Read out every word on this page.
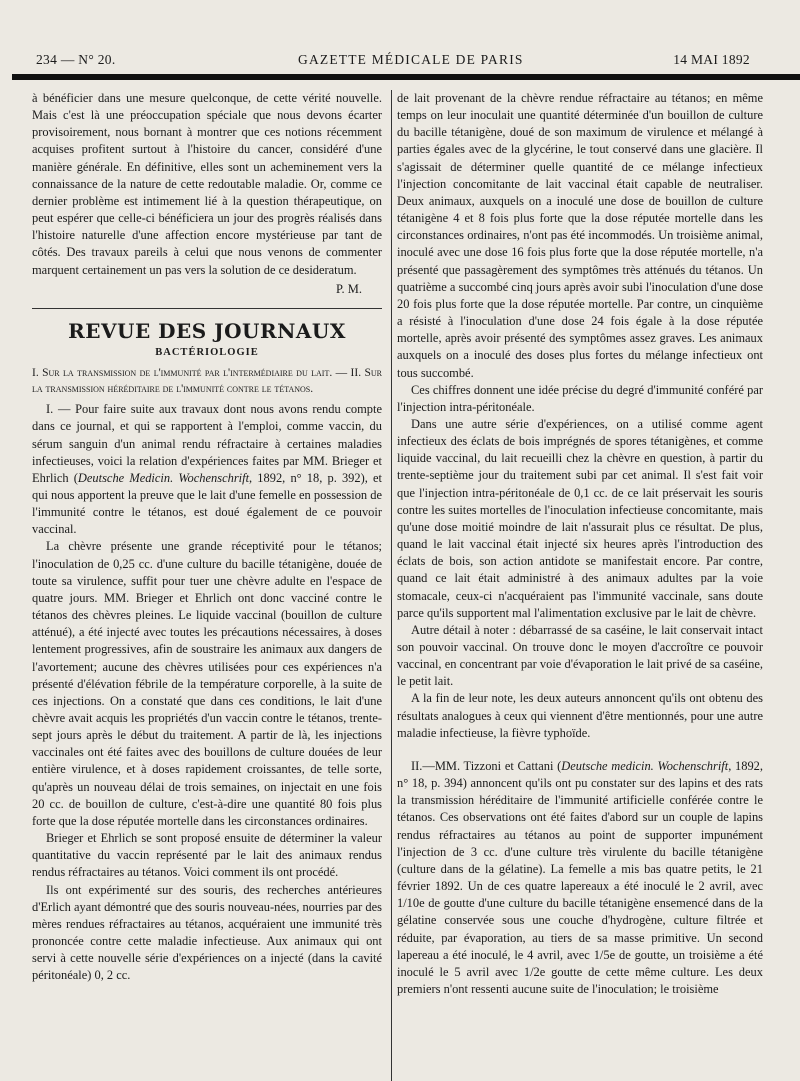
234 — N° 20.	GAZETTE MÉDICALE DE PARIS	14 MAI 1892

à bénéficier dans une mesure quelconque, de cette vérité nouvelle. Mais c'est là une préoccupation spéciale que nous devons écarter provisoirement, nous bornant à montrer que ces notions récemment acquises profitent surtout à l'histoire du cancer, considéré d'une manière générale. En définitive, elles sont un acheminement vers la connaissance de la nature de cette redoutable maladie. Or, comme ce dernier problème est intimement lié à la question thérapeutique, on peut espérer que celle-ci bénéficiera un jour des progrès réalisés dans l'histoire naturelle d'une affection encore mystérieuse par tant de côtés. Des travaux pareils à celui que nous venons de commenter marquent certainement un pas vers la solution de ce desideratum.

P. M.
REVUE DES JOURNAUX
BACTÉRIOLOGIE
I. Sur la transmission de l'immunité par l'intermédiaire du lait. — II. Sur la transmission héréditaire de l'immunité contre le tétanos.

I. — Pour faire suite aux travaux dont nous avons rendu compte dans ce journal, et qui se rapportent à l'emploi, comme vaccin, du sérum sanguin d'un animal rendu réfractaire à certaines maladies infectieuses, voici la relation d'expériences faites par MM. Brieger et Ehrlich (Deutsche Medicin. Wochenschrift, 1892, n° 18, p. 392), et qui nous apportent la preuve que le lait d'une femelle en possession de l'immunité contre le tétanos, est doué également de ce pouvoir vaccinal.

La chèvre présente une grande réceptivité pour le tétanos; l'inoculation de 0,25 cc. d'une culture du bacille tétanigène, douée de toute sa virulence, suffit pour tuer une chèvre adulte en l'espace de quatre jours. MM. Brieger et Ehrlich ont donc vacciné contre le tétanos des chèvres pleines. Le liquide vaccinal (bouillon de culture atténué), a été injecté avec toutes les précautions nécessaires, à doses lentement progressives, afin de soustraire les animaux aux dangers de l'avortement; aucune des chèvres utilisées pour ces expériences n'a présenté d'élévation fébrile de la température corporelle, à la suite de ces injections. On a constaté que dans ces conditions, le lait d'une chèvre avait acquis les propriétés d'un vaccin contre le tétanos, trente-sept jours après le début du traitement. A partir de là, les injections vaccinales ont été faites avec des bouillons de culture douées de leur entière virulence, et à doses rapidement croissantes, de telle sorte, qu'après un nouveau délai de trois semaines, on injectait en une fois 20 cc. de bouillon de culture, c'est-à-dire une quantité 80 fois plus forte que la dose réputée mortelle dans les circonstances ordinaires.

Brieger et Ehrlich se sont proposé ensuite de déterminer la valeur quantitative du vaccin représenté par le lait des animaux rendus rendus réfractaires au tétanos. Voici comment ils ont procédé.

Ils ont expérimenté sur des souris, des recherches antérieures d'Erlich ayant démontré que des souris nouveau-nées, nourries par des mères rendues réfractaires au tétanos, acquéraient une immunité très prononcée contre cette maladie infectieuse. Aux animaux qui ont servi à cette nouvelle série d'expériences on a injecté (dans la cavité péritonéale) 0, 2 cc.

de lait provenant de la chèvre rendue réfractaire au tétanos; en même temps on leur inoculait une quantité déterminée d'un bouillon de culture du bacille tétanigène, doué de son maximum de virulence et mélangé à parties égales avec de la glycérine, le tout conservé dans une glacière. Il s'agissait de déterminer quelle quantité de ce mélange infectieux l'injection concomitante de lait vaccinal était capable de neutraliser. Deux animaux, auxquels on a inoculé une dose de bouillon de culture tétanigène 4 et 8 fois plus forte que la dose réputée mortelle dans les circonstances ordinaires, n'ont pas été incommodés. Un troisième animal, inoculé avec une dose 16 fois plus forte que la dose réputée mortelle, n'a présenté que passagèrement des symptômes très atténués du tétanos. Un quatrième a succombé cinq jours après avoir subi l'inoculation d'une dose 20 fois plus forte que la dose réputée mortelle. Par contre, un cinquième a résisté à l'inoculation d'une dose 24 fois égale à la dose réputée mortelle, après avoir présenté des symptômes assez graves. Les animaux auxquels on a inoculé des doses plus fortes du mélange infectieux ont tous succombé.

Ces chiffres donnent une idée précise du degré d'immunité conféré par l'injection intra-péritonéale.

Dans une autre série d'expériences, on a utilisé comme agent infectieux des éclats de bois imprégnés de spores tétanigènes, et comme liquide vaccinal, du lait recueilli chez la chèvre en question, à partir du trente-septième jour du traitement subi par cet animal. Il s'est fait voir que l'injection intra-péritonéale de 0,1 cc. de ce lait préservait les souris contre les suites mortelles de l'inoculation infectieuse concomitante, mais qu'une dose moitié moindre de lait n'assurait plus ce résultat. De plus, quand le lait vaccinal était injecté six heures après l'introduction des éclats de bois, son action antidote se manifestait encore. Par contre, quand ce lait était administré à des animaux adultes par la voie stomacale, ceux-ci n'acquéraient pas l'immunité vaccinale, sans doute parce qu'ils supportent mal l'alimentation exclusive par le lait de chèvre.

Autre détail à noter : débarrassé de sa caséine, le lait conservait intact son pouvoir vaccinal. On trouve donc le moyen d'accroître ce pouvoir vaccinal, en concentrant par voie d'évaporation le lait privé de sa caséine, le petit lait.

A la fin de leur note, les deux auteurs annoncent qu'ils ont obtenu des résultats analogues à ceux qui viennent d'être mentionnés, pour une autre maladie infectieuse, la fièvre typhoïde.

II.—MM. Tizzoni et Cattani (Deutsche medicin. Wochenschrift, 1892, n° 18, p. 394) annoncent qu'ils ont pu constater sur des lapins et des rats la transmission héréditaire de l'immunité artificielle conférée contre le tétanos. Ces observations ont été faites d'abord sur un couple de lapins rendus réfractaires au tétanos au point de supporter impunément l'injection de 3 cc. d'une culture très virulente du bacille tétanigène (culture dans de la gélatine). La femelle a mis bas quatre petits, le 21 février 1892. Un de ces quatre lapereaux a été inoculé le 2 avril, avec 1/10e de goutte d'une culture du bacille tétanigène ensemencé dans de la gélatine conservée sous une couche d'hydrogène, culture filtrée et réduite, par évaporation, au tiers de sa masse primitive. Un second lapereau a été inoculé, le 4 avril, avec 1/5e de goutte, un troisième a été inoculé le 5 avril avec 1/2e goutte de cette même culture. Les deux premiers n'ont ressenti aucune suite de l'inoculation; le troisième
